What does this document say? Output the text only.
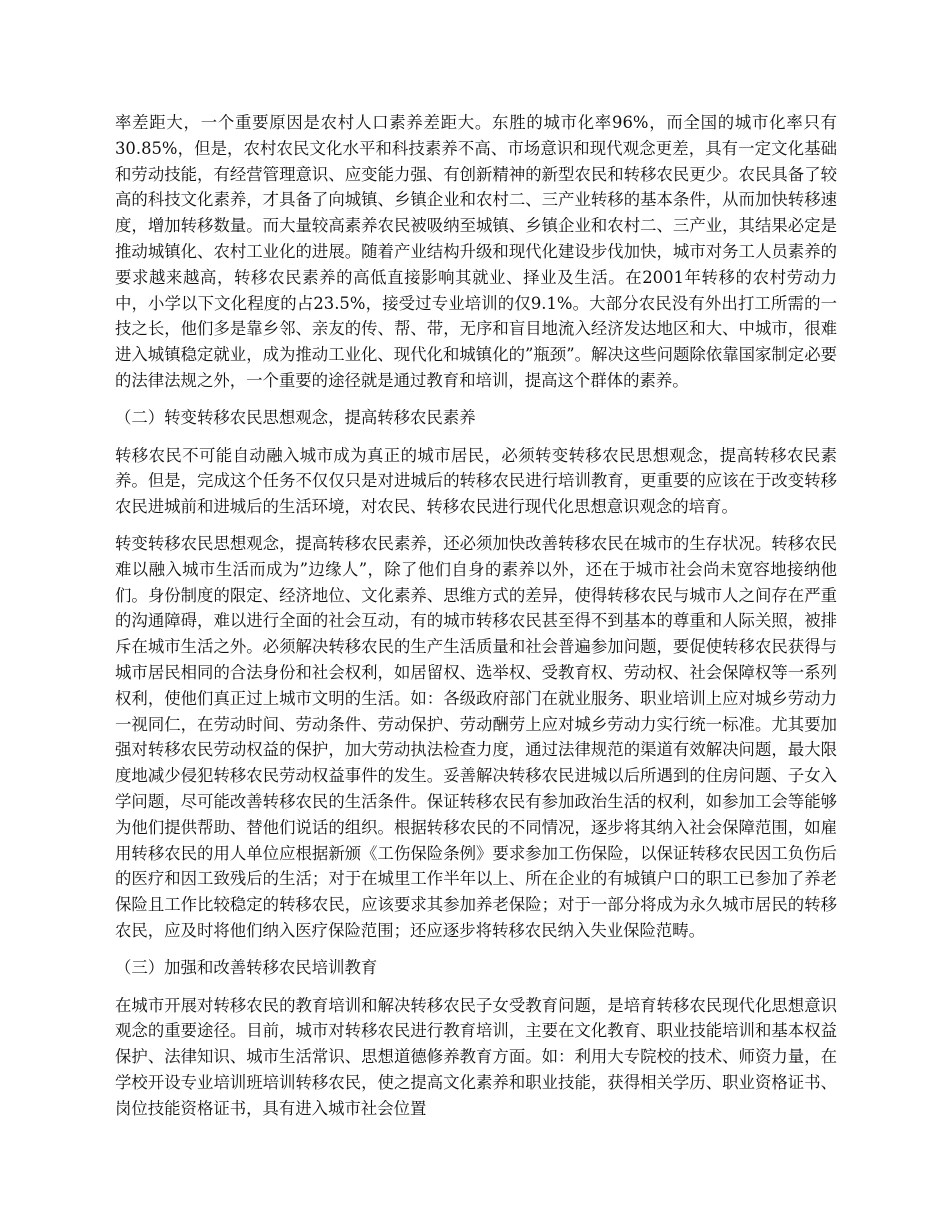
率差距大，一个重要原因是农村人口素养差距大。东胜的城市化率96%，而全国的城市化率只有30.85%，但是，农村农民文化水平和科技素养不高、市场意识和现代观念更差，具有一定文化基础和劳动技能，有经营管理意识、应变能力强、有创新精神的新型农民和转移农民更少。农民具备了较高的科技文化素养，才具备了向城镇、乡镇企业和农村二、三产业转移的基本条件，从而加快转移速度，增加转移数量。而大量较高素养农民被吸纳至城镇、乡镇企业和农村二、三产业，其结果必定是推动城镇化、农村工业化的进展。随着产业结构升级和现代化建设步伐加快，城市对务工人员素养的要求越来越高，转移农民素养的高低直接影响其就业、择业及生活。在2001年转移的农村劳动力中，小学以下文化程度的占23.5%，接受过专业培训的仅9.1%。大部分农民没有外出打工所需的一技之长，他们多是靠乡邻、亲友的传、帮、带，无序和盲目地流入经济发达地区和大、中城市，很难进入城镇稳定就业，成为推动工业化、现代化和城镇化的”瓶颈”。解决这些问题除依靠国家制定必要的法律法规之外，一个重要的途径就是通过教育和培训，提高这个群体的素养。

（二）转变转移农民思想观念，提高转移农民素养

转移农民不可能自动融入城市成为真正的城市居民，必须转变转移农民思想观念，提高转移农民素养。但是，完成这个任务不仅仅只是对进城后的转移农民进行培训教育，更重要的应该在于改变转移农民进城前和进城后的生活环境，对农民、转移农民进行现代化思想意识观念的培育。

转变转移农民思想观念，提高转移农民素养，还必须加快改善转移农民在城市的生存状况。转移农民难以融入城市生活而成为”边缘人”，除了他们自身的素养以外，还在于城市社会尚未宽容地接纳他们。身份制度的限定、经济地位、文化素养、思维方式的差异，使得转移农民与城市人之间存在严重的沟通障碍，难以进行全面的社会互动，有的城市转移农民甚至得不到基本的尊重和人际关照，被排斥在城市生活之外。必须解决转移农民的生产生活质量和社会普遍参加问题，要促使转移农民获得与城市居民相同的合法身份和社会权利，如居留权、选举权、受教育权、劳动权、社会保障权等一系列权利，使他们真正过上城市文明的生活。如：各级政府部门在就业服务、职业培训上应对城乡劳动力一视同仁，在劳动时间、劳动条件、劳动保护、劳动酬劳上应对城乡劳动力实行统一标准。尤其要加强对转移农民劳动权益的保护，加大劳动执法检查力度，通过法律规范的渠道有效解决问题，最大限度地减少侵犯转移农民劳动权益事件的发生。妥善解决转移农民进城以后所遇到的住房问题、子女入学问题，尽可能改善转移农民的生活条件。保证转移农民有参加政治生活的权利，如参加工会等能够为他们提供帮助、替他们说话的组织。根据转移农民的不同情况，逐步将其纳入社会保障范围，如雇用转移农民的用人单位应根据新颁《工伤保险条例》要求参加工伤保险，以保证转移农民因工负伤后的医疗和因工致残后的生活；对于在城里工作半年以上、所在企业的有城镇户口的职工已参加了养老保险且工作比较稳定的转移农民，应该要求其参加养老保险；对于一部分将成为永久城市居民的转移农民，应及时将他们纳入医疗保险范围；还应逐步将转移农民纳入失业保险范畴。

（三）加强和改善转移农民培训教育

在城市开展对转移农民的教育培训和解决转移农民子女受教育问题，是培育转移农民现代化思想意识观念的重要途径。目前，城市对转移农民进行教育培训，主要在文化教育、职业技能培训和基本权益保护、法律知识、城市生活常识、思想道德修养教育方面。如：利用大专院校的技术、师资力量，在学校开设专业培训班培训转移农民，使之提高文化素养和职业技能，获得相关学历、职业资格证书、岗位技能资格证书，具有进入城市社会位置
